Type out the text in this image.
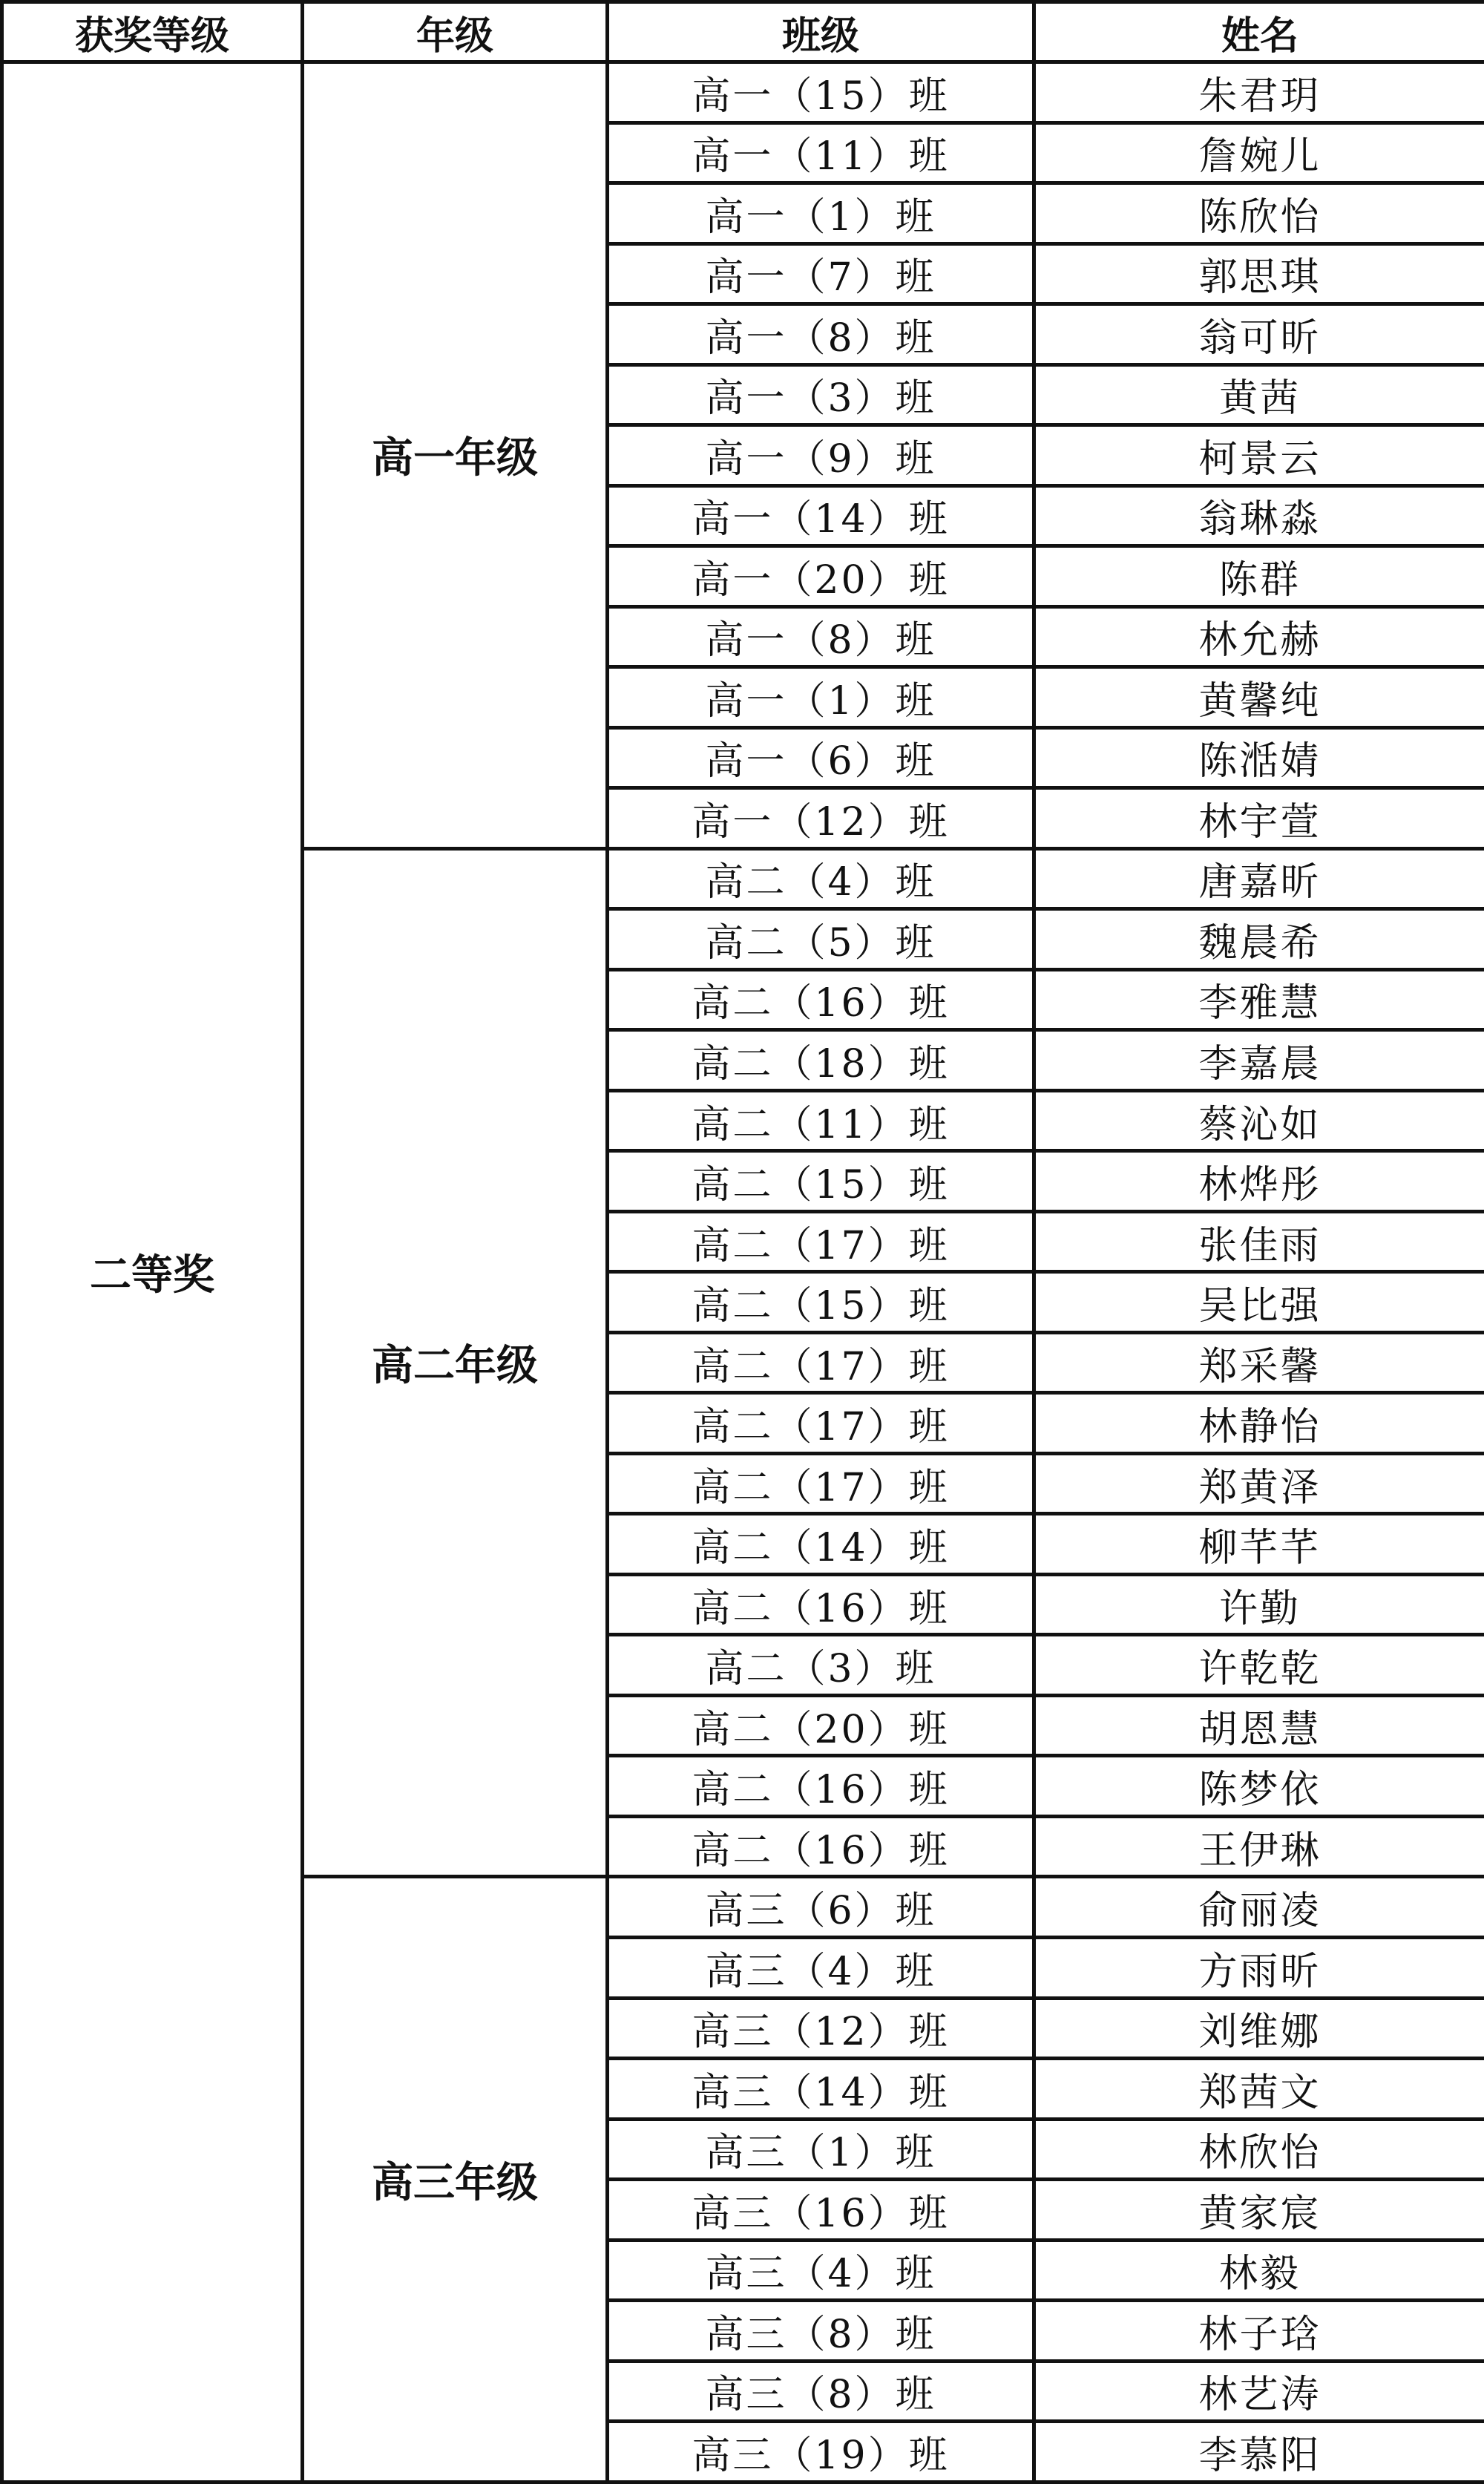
获奖等级	年级	班级	姓名
二等奖	高一年级	高一（15）班	朱君玥
		高一（11）班	詹婉儿
		高一（1）班	陈欣怡
		高一（7）班	郭思琪
		高一（8）班	翁可昕
		高一（3）班	黄茜
		高一（9）班	柯景云
		高一（14）班	翁琳淼
		高一（20）班	陈群
		高一（8）班	林允赫
		高一（1）班	黄馨纯
		高一（6）班	陈湉婧
		高一（12）班	林宇萱
	高二年级	高二（4）班	唐嘉昕
		高二（5）班	魏晨希
		高二（16）班	李雅慧
		高二（18）班	李嘉晨
		高二（11）班	蔡沁如
		高二（15）班	林烨彤
		高二（17）班	张佳雨
		高二（15）班	吴比强
		高二（17）班	郑采馨
		高二（17）班	林静怡
		高二（17）班	郑黄泽
		高二（14）班	柳芊芊
		高二（16）班	许勤
		高二（3）班	许乾乾
		高二（20）班	胡恩慧
		高二（16）班	陈梦依
		高二（16）班	王伊琳
	高三年级	高三（6）班	俞丽凌
		高三（4）班	方雨昕
		高三（12）班	刘维娜
		高三（14）班	郑茜文
		高三（1）班	林欣怡
		高三（16）班	黄家宸
		高三（4）班	林毅
		高三（8）班	林子琀
		高三（8）班	林艺涛
		高三（19）班	李慕阳
